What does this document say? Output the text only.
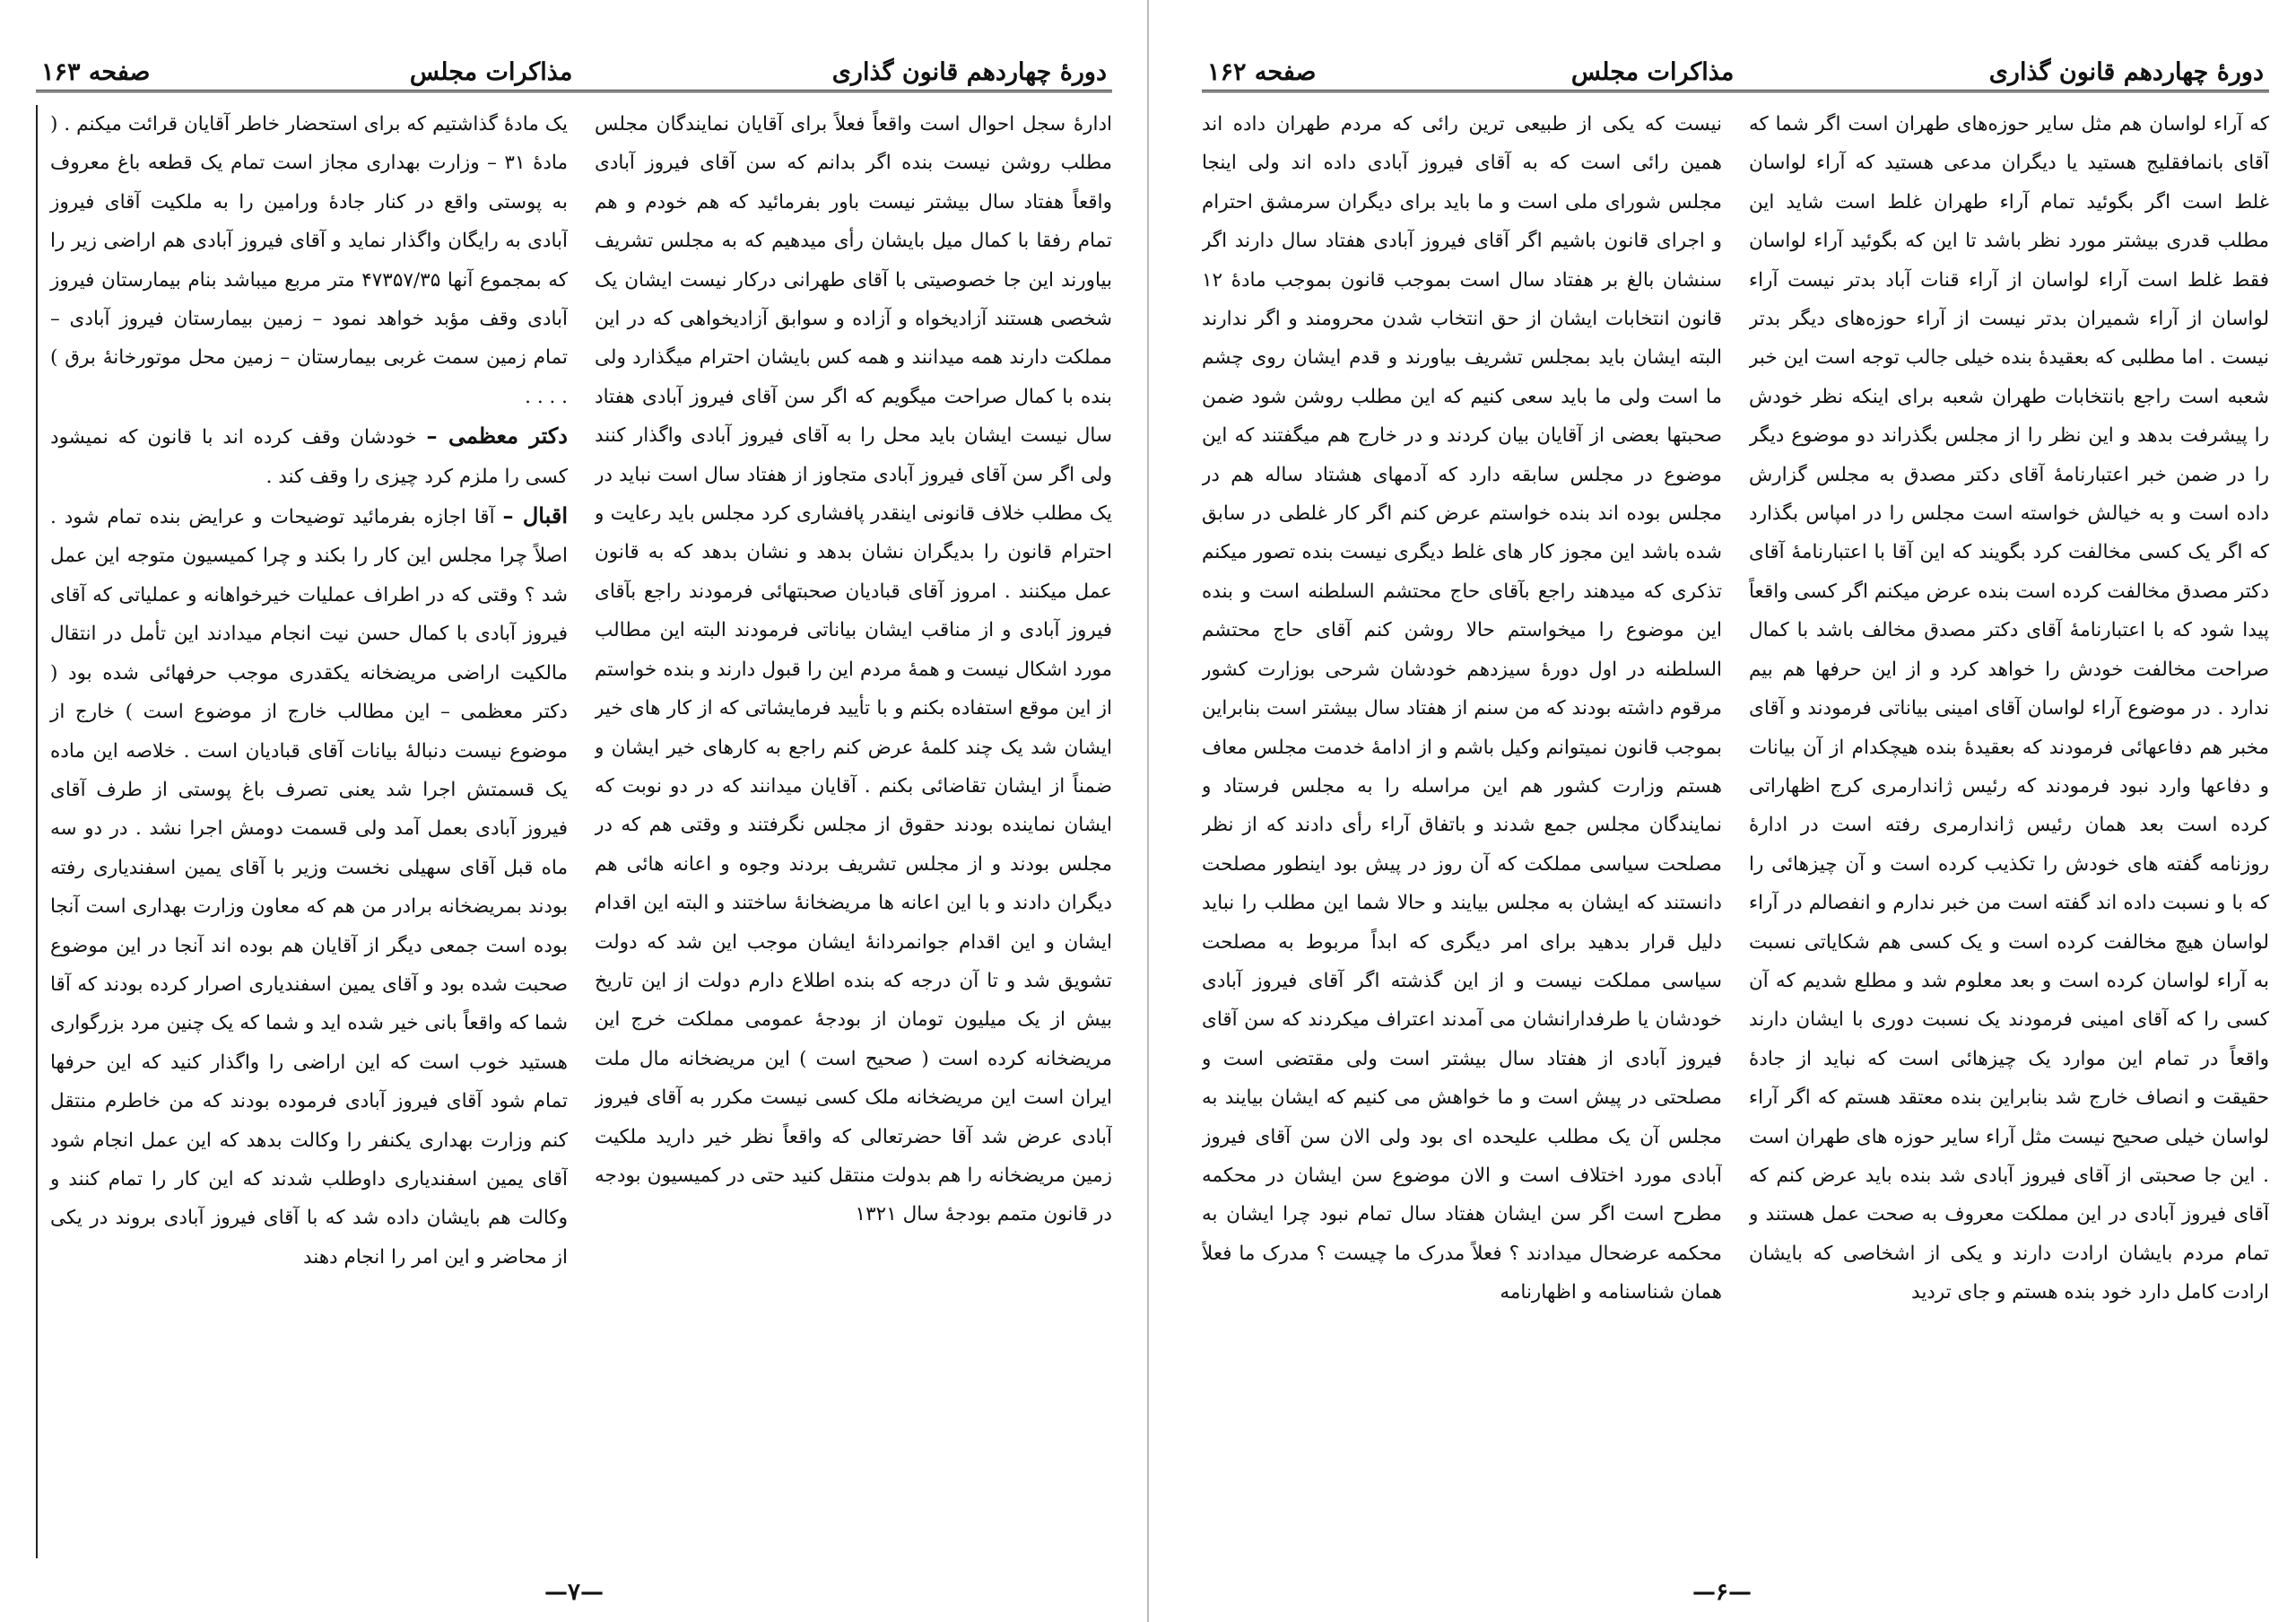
دورهٔ چهاردهم قانون گذاری
مذاکرات مجلس
صفحه ۱۶۳

ادارهٔ سجل احوال است واقعاً فعلاً برای آقایان نمایندگان مجلس مطلب روشن نیست بنده اگر بدانم که سن آقای فیروز آبادی واقعاً هفتاد سال بیشتر نیست باور بفرمائید که هم خودم و هم تمام رفقا با کمال میل بایشان رأی میدهیم که به مجلس تشریف بیاورند این جا خصوصیتی با آقای طهرانی درکار نیست ایشان یک شخصی هستند آزادیخواه و آزاده و سوابق آزادیخواهی که در این مملکت دارند همه میدانند و همه کس بایشان احترام میگذارد ولی بنده با کمال صراحت میگویم که اگر سن آقای فیروز آبادی هفتاد سال نیست ایشان باید محل را به آقای فیروز آبادی واگذار کنند ولی اگر سن آقای فیروز آبادی متجاوز از هفتاد سال است نباید در یک مطلب خلاف قانونی اینقدر پافشاری کرد مجلس باید رعایت و احترام قانون را بدیگران نشان بدهد و نشان بدهد که به قانون عمل میکنند . امروز آقای قبادیان صحبتهائی فرمودند راجع بآقای فیروز آبادی و از مناقب ایشان بیاناتی فرمودند البته این مطالب مورد اشکال نیست و همهٔ مردم این را قبول دارند و بنده خواستم از این موقع استفاده بکنم و با تأیید فرمایشاتی که از کار های خیر ایشان شد یک چند کلمهٔ عرض کنم راجع به کارهای خیر ایشان و ضمناً از ایشان تقاضائی بکنم . آقایان میدانند که در دو نوبت که ایشان نماینده بودند حقوق از مجلس نگرفتند و وقتی هم که در مجلس بودند و از مجلس تشریف بردند وجوه و اعانه هائی هم دیگران دادند و با این اعانه ها مریضخانهٔ ساختند و البته این اقدام ایشان و این اقدام جوانمردانهٔ ایشان موجب این شد که دولت تشویق شد و تا آن درجه که بنده اطلاع دارم دولت از این تاریخ بیش از یک میلیون تومان از بودجهٔ عمومی مملکت خرج این مریضخانه کرده است ( صحیح است ) این مریضخانه مال ملت ایران است این مریضخانه ملک کسی نیست مکرر به آقای فیروز آبادی عرض شد آقا حضرتعالی که واقعاً نظر خیر دارید ملکیت زمین مریضخانه را هم بدولت منتقل کنید حتی در کمیسیون بودجه در قانون متمم بودجهٔ سال ۱۳۲۱

یک مادهٔ گذاشتیم که برای استحضار خاطر آقایان قرائت میکنم . ( مادهٔ ۳۱ – وزارت بهداری مجاز است تمام یک قطعه باغ معروف به پوستی واقع در کنار جادهٔ ورامین را به ملکیت آقای فیروز آبادی به رایگان واگذار نماید و آقای فیروز آبادی هم اراضی زیر را که بمجموع آنها ۴۷۳۵۷/۳۵ متر مربع میباشد بنام بیمارستان فیروز آبادی وقف مؤبد خواهد نمود – زمین بیمارستان فیروز آبادی – تمام زمین سمت غربی بیمارستان – زمین محل موتورخانهٔ برق ) . . . .

دکتر معظمی – خودشان وقف کرده اند با قانون که نمیشود کسی را ملزم کرد چیزی را وقف کند .

اقبال – آقا اجازه بفرمائید توضیحات و عرایض بنده تمام شود . اصلاً چرا مجلس این کار را بکند و چرا کمیسیون متوجه این عمل شد ؟ وقتی که در اطراف عملیات خیرخواهانه و عملیاتی که آقای فیروز آبادی با کمال حسن نیت انجام میدادند این تأمل در انتقال مالکیت اراضی مریضخانه یکقدری موجب حرفهائی شده بود ( دکتر معظمی – این مطالب خارج از موضوع است ) خارج از موضوع نیست دنبالهٔ بیانات آقای قبادیان است . خلاصه این ماده یک قسمتش اجرا شد یعنی تصرف باغ پوستی از طرف آقای فیروز آبادی بعمل آمد ولی قسمت دومش اجرا نشد . در دو سه ماه قبل آقای سهیلی نخست وزیر با آقای یمین اسفندیاری رفته بودند بمریضخانه برادر من هم که معاون وزارت بهداری است آنجا بوده است جمعی دیگر از آقایان هم بوده اند آنجا در این موضوع صحبت شده بود و آقای یمین اسفندیاری اصرار کرده بودند که آقا شما که واقعاً بانی خیر شده اید و شما که یک چنین مرد بزرگواری هستید خوب است که این اراضی را واگذار کنید که این حرفها تمام شود آقای فیروز آبادی فرموده بودند که من خاطرم منتقل کنم وزارت بهداری یکنفر را وکالت بدهد که این عمل انجام شود آقای یمین اسفندیاری داوطلب شدند که این کار را تمام کنند و وکالت هم بایشان داده شد که با آقای فیروز آبادی بروند در یکی از محاضر و این امر را انجام دهند

—۷—
دورهٔ چهاردهم قانون گذاری
مذاکرات مجلس
صفحه ۱۶۲

که آراء لواسان هم مثل سایر حوزه‌های طهران است اگر شما که آقای بانمافقلیج هستید یا دیگران مدعی هستید که آراء لواسان غلط است اگر بگوئید تمام آراء طهران غلط است شاید این مطلب قدری بیشتر مورد نظر باشد تا این که بگوئید آراء لواسان فقط غلط است آراء لواسان از آراء قنات آباد بدتر نیست آراء لواسان از آراء شمیران بدتر نیست از آراء حوزه‌های دیگر بدتر نیست . اما مطلبی که بعقیدهٔ بنده خیلی جالب توجه است این خبر شعبه است راجع بانتخابات طهران شعبه برای اینکه نظر خودش را پیشرفت بدهد و این نظر را از مجلس بگذراند دو موضوع دیگر را در ضمن خبر اعتبارنامهٔ آقای دکتر مصدق به مجلس گزارش داده است و به خیالش خواسته است مجلس را در امپاس بگذارد که اگر یک کسی مخالفت کرد بگویند که این آقا با اعتبارنامهٔ آقای دکتر مصدق مخالفت کرده است بنده عرض میکنم اگر کسی واقعاً پیدا شود که با اعتبارنامهٔ آقای دکتر مصدق مخالف باشد با کمال صراحت مخالفت خودش را خواهد کرد و از این حرفها هم بیم ندارد . در موضوع آراء لواسان آقای امینی بیاناتی فرمودند و آقای مخبر هم دفاعهائی فرمودند که بعقیدهٔ بنده هیچکدام از آن بیانات و دفاعها وارد نبود فرمودند که رئیس ژاندارمری کرج اظهاراتی کرده است بعد همان رئیس ژاندارمری رفته است در ادارهٔ روزنامه گفته های خودش را تکذیب کرده است و آن چیزهائی را که با و نسبت داده اند گفته است من خبر ندارم و انفصالم در آراء لواسان هیچ مخالفت کرده است و یک کسی هم شکایاتی نسبت به آراء لواسان کرده است و بعد معلوم شد و مطلع شدیم که آن کسی را که آقای امینی فرمودند یک نسبت دوری با ایشان دارند واقعاً در تمام این موارد یک چیزهائی است که نباید از جادهٔ حقیقت و انصاف خارج شد بنابراین بنده معتقد هستم که اگر آراء لواسان خیلی صحیح نیست مثل آراء سایر حوزه های طهران است . این جا صحبتی از آقای فیروز آبادی شد بنده باید عرض کنم که آقای فیروز آبادی در این مملکت معروف به صحت عمل هستند و تمام مردم بایشان ارادت دارند و یکی از اشخاصی که بایشان ارادت کامل دارد خود بنده هستم و جای تردید

نیست که یکی از طبیعی ترین رائی که مردم طهران داده اند همین رائی است که به آقای فیروز آبادی داده اند ولی اینجا مجلس شورای ملی است و ما باید برای دیگران سرمشق احترام و اجرای قانون باشیم اگر آقای فیروز آبادی هفتاد سال دارند اگر سنشان بالغ بر هفتاد سال است بموجب قانون بموجب مادهٔ ۱۲ قانون انتخابات ایشان از حق انتخاب شدن محرومند و اگر ندارند البته ایشان باید بمجلس تشریف بیاورند و قدم ایشان روی چشم ما است ولی ما باید سعی کنیم که این مطلب روشن شود ضمن صحبتها بعضی از آقایان بیان کردند و در خارج هم میگفتند که این موضوع در مجلس سابقه دارد که آدمهای هشتاد ساله هم در مجلس بوده اند بنده خواستم عرض کنم اگر کار غلطی در سابق شده باشد این مجوز کار های غلط دیگری نیست بنده تصور میکنم تذکری که میدهند راجع بآقای حاج محتشم السلطنه است و بنده این موضوع را میخواستم حالا روشن کنم آقای حاج محتشم السلطنه در اول دورهٔ سیزدهم خودشان شرحی بوزارت کشور مرقوم داشته بودند که من سنم از هفتاد سال بیشتر است بنابراین بموجب قانون نمیتوانم وکیل باشم و از ادامهٔ خدمت مجلس معاف هستم وزارت کشور هم این مراسله را به مجلس فرستاد و نمایندگان مجلس جمع شدند و باتفاق آراء رأی دادند که از نظر مصلحت سیاسی مملکت که آن روز در پیش بود اینطور مصلحت دانستند که ایشان به مجلس بیایند و حالا شما این مطلب را نباید دلیل قرار بدهید برای امر دیگری که ابداً مربوط به مصلحت سیاسی مملکت نیست و از این گذشته اگر آقای فیروز آبادی خودشان یا طرفدارانشان می آمدند اعتراف میکردند که سن آقای فیروز آبادی از هفتاد سال بیشتر است ولی مقتضی است و مصلحتی در پیش است و ما خواهش می کنیم که ایشان بیایند به مجلس آن یک مطلب علیحده ای بود ولی الان سن آقای فیروز آبادی مورد اختلاف است و الان موضوع سن ایشان در محکمه مطرح است اگر سن ایشان هفتاد سال تمام نبود چرا ایشان به محکمه عرضحال میدادند ؟ فعلاً مدرک ما چیست ؟ مدرک ما فعلاً همان شناسنامه و اظهارنامه

—۶—
